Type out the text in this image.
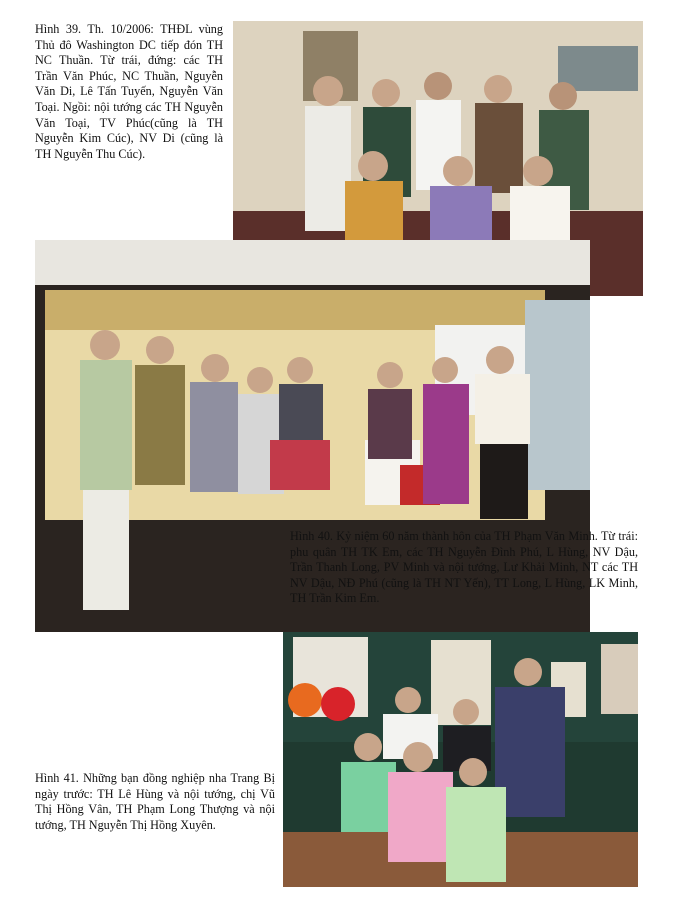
Hình 39. Th. 10/2006: THĐL vùng Thủ đô Washington DC tiếp đón TH NC Thuần. Từ trái, đứng: các TH Trần Văn Phúc, NC Thuần, Nguyễn Văn Di, Lê Tấn Tuyến, Nguyễn Văn Toại. Ngồi: nội tướng các TH Nguyễn Văn Toại, TV Phúc(cũng là TH Nguyễn Kim Cúc), NV Di (cũng là TH Nguyễn Thu Cúc).

Hình 40. Kỷ niệm 60 năm thành hôn của TH Phạm Văn Minh. Từ trái: phu quân TH TK Em, các TH Nguyễn Đình Phú, L Hùng, NV Dậu, Trần Thanh Long, PV Minh và nội tướng, Lư Khải Minh, NT các TH NV Dậu, NĐ Phú (cũng là TH NT Yến), TT Long, L Hùng, LK Minh, TH Trần Kim Em.

Hình 41. Những bạn đồng nghiệp nha Trang Bị ngày trước: TH Lê Hùng và nội tướng, chị Vũ Thị Hồng Vân, TH Phạm Long Thượng và nội tướng, TH Nguyễn Thị Hồng Xuyên.
